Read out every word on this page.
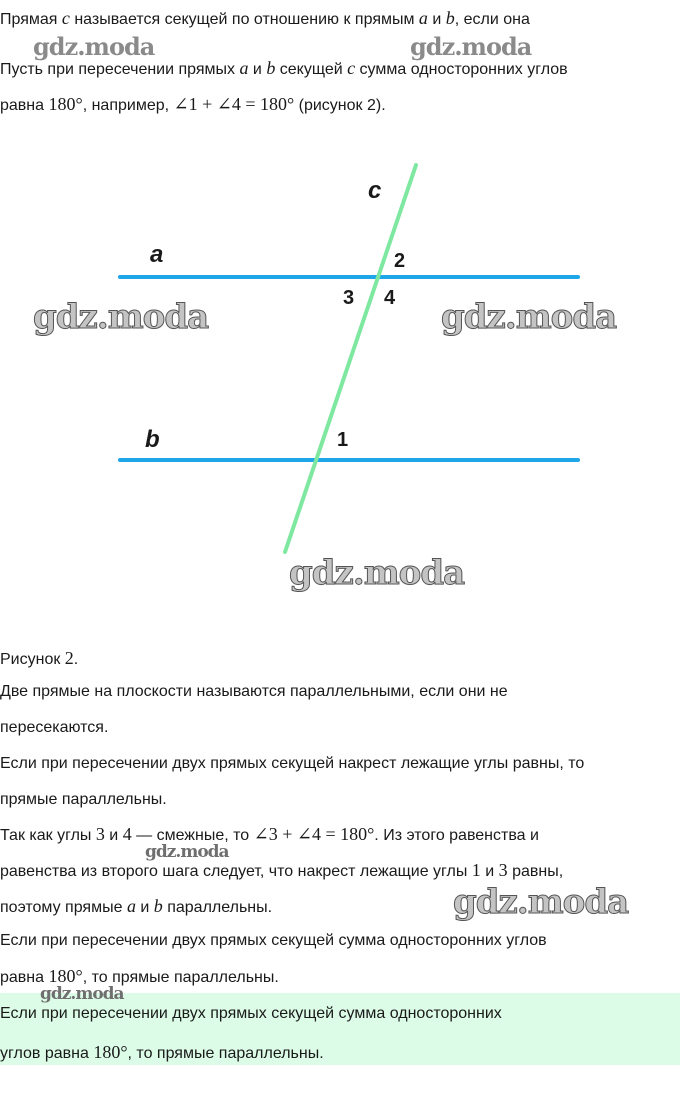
Прямая c называется секущей по отношению к прямым a и b, если она
gdz.moda	gdz.moda
Пусть при пересечении прямых a и b секущей c сумма односторонних углов
равна 180°, например, ∠1 + ∠4 = 180° (рисунок 2).
c
a
b
2
3 4
1
gdz.moda	gdz.moda
gdz.moda
Рисунок 2.
Две прямые на плоскости называются параллельными, если они не
пересекаются.
Если при пересечении двух прямых секущей накрест лежащие углы равны, то
прямые параллельны.
Так как углы 3 и 4 — смежные, то ∠3 + ∠4 = 180°. Из этого равенства и
gdz.moda
равенства из второго шага следует, что накрест лежащие углы 1 и 3 равны,
поэтому прямые a и b параллельны.	gdz.moda
Если при пересечении двух прямых секущей сумма односторонних углов
равна 180°, то прямые параллельны.
gdz.moda
Если при пересечении двух прямых секущей сумма односторонних
углов равна 180°, то прямые параллельны.
